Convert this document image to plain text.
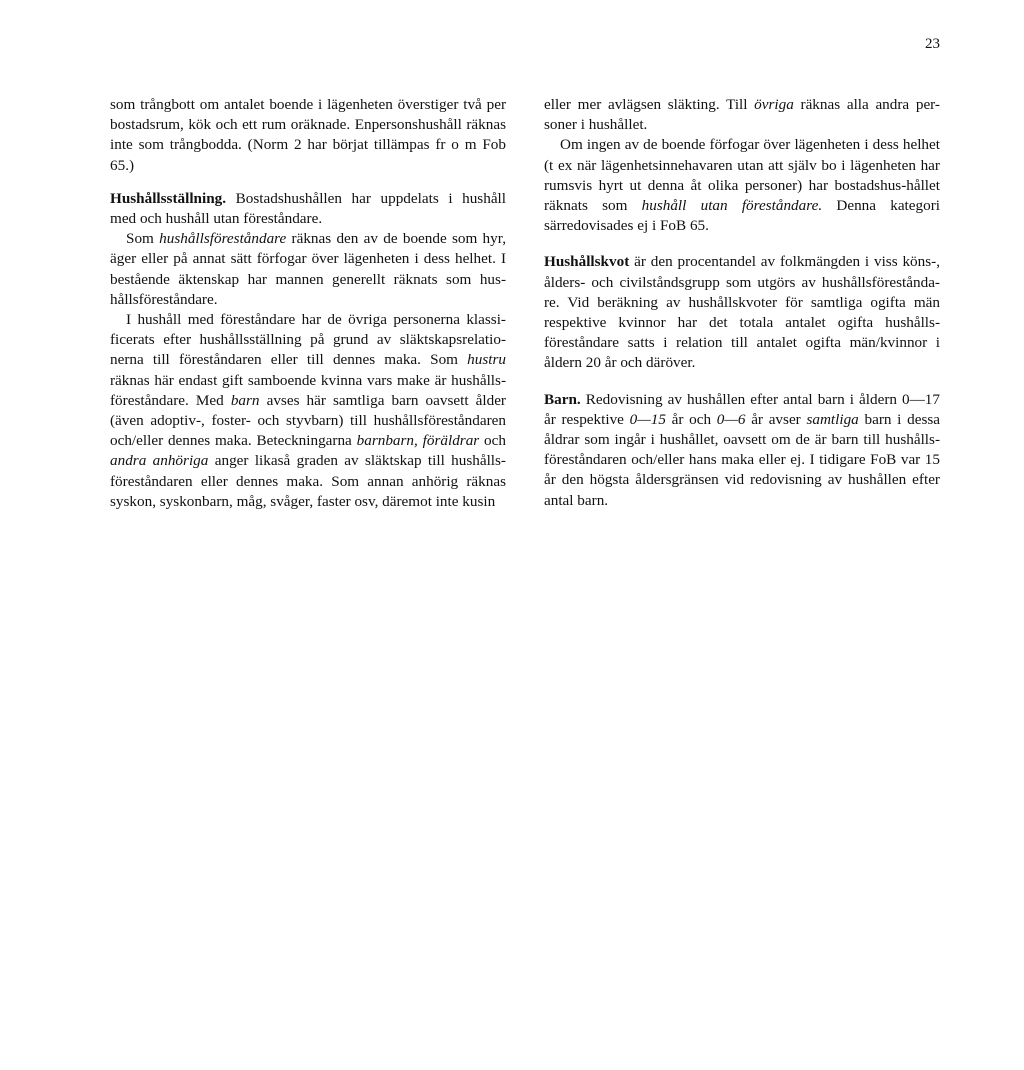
23

som trångbott om antalet boende i lägenheten överstiger två per bostadsrum, kök och ett rum oräknade. Enpersonshushåll räknas inte som trångbodda. (Norm 2 har börjat tillämpas fr o m Fob 65.)

Hushållsställning. Bostadshushållen har uppdelats i hushåll med och hushåll utan föreståndare.

Som hushållsföreståndare räknas den av de boende som hyr, äger eller på annat sätt förfogar över lägenheten i dess helhet. I bestående äktenskap har mannen generellt räknats som hus-hållsföreståndare.

I hushåll med föreståndare har de övriga personerna klassi-ficerats efter hushållsställning på grund av släktskapsrelatio-nerna till föreståndaren eller till dennes maka. Som hustru räknas här endast gift samboende kvinna vars make är hushålls-föreståndare. Med barn avses här samtliga barn oavsett ålder (även adoptiv-, foster- och styvbarn) till hushållsföreståndaren och/eller dennes maka. Beteckningarna barnbarn, föräldrar och andra anhöriga anger likaså graden av släktskap till hushålls-föreståndaren eller dennes maka. Som annan anhörig räknas syskon, syskonbarn, måg, svåger, faster osv, däremot inte kusin

eller mer avlägsen släkting. Till övriga räknas alla andra per-soner i hushållet.

Om ingen av de boende förfogar över lägenheten i dess helhet (t ex när lägenhetsinnehavaren utan att själv bo i lägenheten har rumsvis hyrt ut denna åt olika personer) har bostadshus-hållet räknats som hushåll utan föreståndare. Denna kategori särredovisades ej i FoB 65.

Hushållskvot är den procentandel av folkmängden i viss köns-, ålders- och civilståndsgrupp som utgörs av hushållsförestånda-re. Vid beräkning av hushållskvoter för samtliga ogifta män respektive kvinnor har det totala antalet ogifta hushålls-föreståndare satts i relation till antalet ogifta män/kvinnor i åldern 20 år och däröver.

Barn. Redovisning av hushållen efter antal barn i åldern 0—17 år respektive 0—15 år och 0—6 år avser samtliga barn i dessa åldrar som ingår i hushållet, oavsett om de är barn till hushålls-föreståndaren och/eller hans maka eller ej. I tidigare FoB var 15 år den högsta åldersgränsen vid redovisning av hushållen efter antal barn.
